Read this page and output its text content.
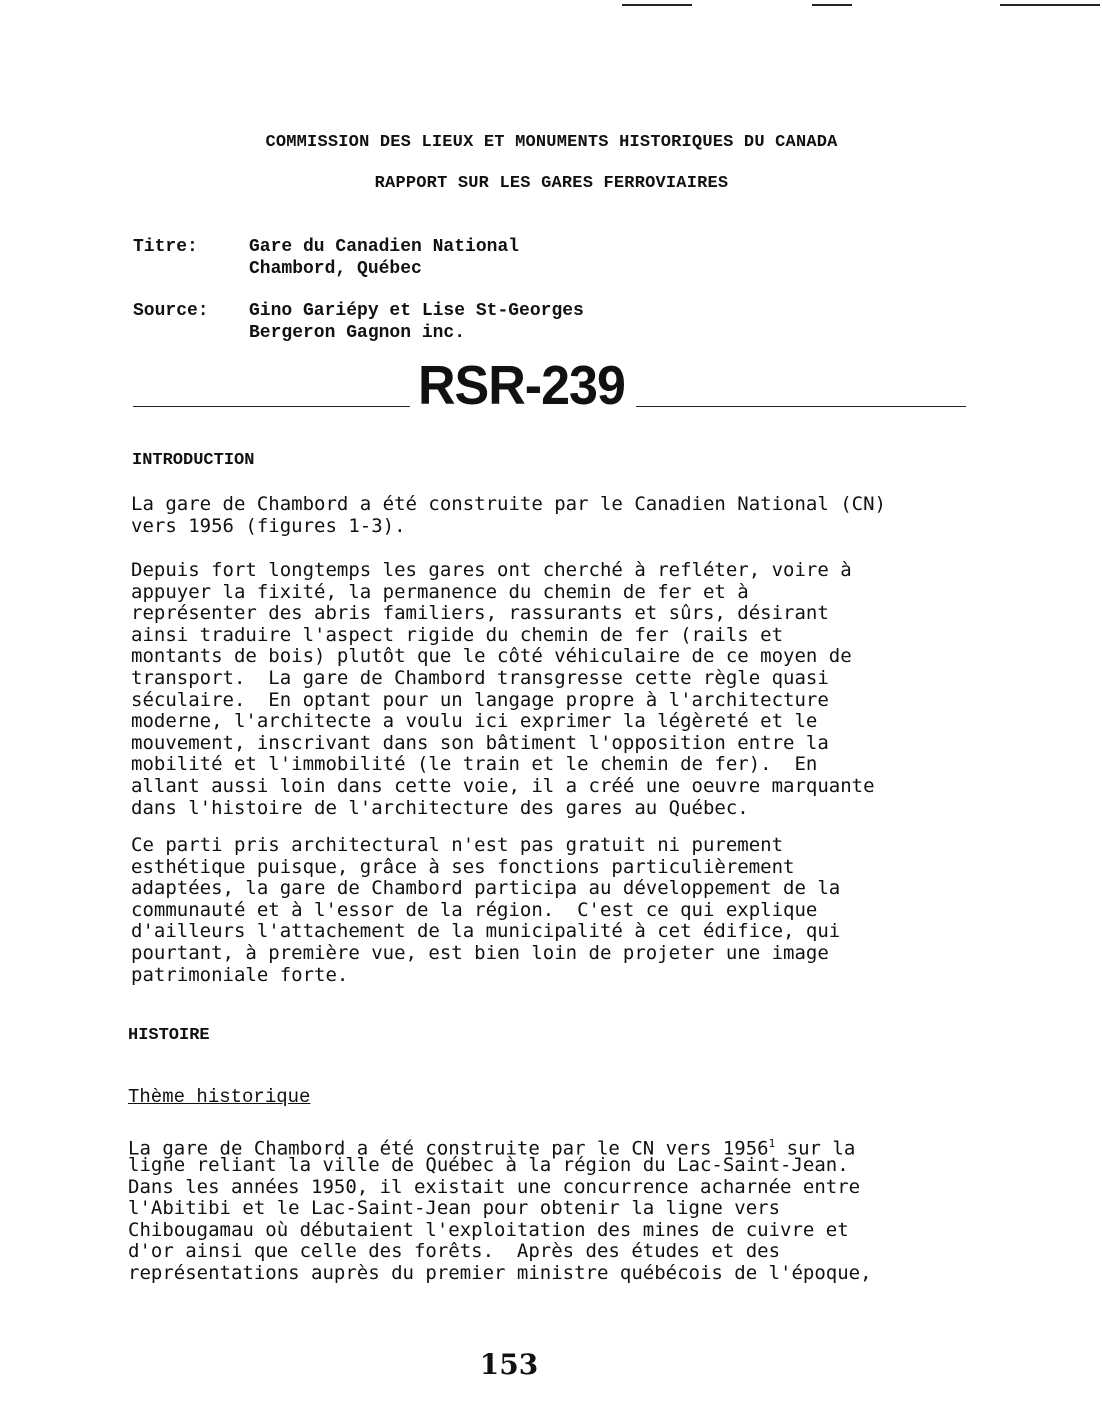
COMMISSION DES LIEUX ET MONUMENTS HISTORIQUES DU CANADA
RAPPORT SUR LES GARES FERROVIAIRES
Titre:	Gare du Canadien National
Chambord, Québec
Source: Gino Gariépy et Lise St-Georges
Bergeron Gagnon inc.
RSR-239
INTRODUCTION
La gare de Chambord a été construite par le Canadien National (CN)
vers 1956 (figures 1-3).
Depuis fort longtemps les gares ont cherché à refléter, voire à
appuyer la fixité, la permanence du chemin de fer et à
représenter des abris familiers, rassurants et sûrs, désirant
ainsi traduire l'aspect rigide du chemin de fer (rails et
montants de bois) plutôt que le côté véhiculaire de ce moyen de
transport.  La gare de Chambord transgresse cette règle quasi
séculaire.  En optant pour un langage propre à l'architecture
moderne, l'architecte a voulu ici exprimer la légèreté et le
mouvement, inscrivant dans son bâtiment l'opposition entre la
mobilité et l'immobilité (le train et le chemin de fer).  En
allant aussi loin dans cette voie, il a créé une oeuvre marquante
dans l'histoire de l'architecture des gares au Québec.
Ce parti pris architectural n'est pas gratuit ni purement
esthétique puisque, grâce à ses fonctions particulièrement
adaptées, la gare de Chambord participa au développement de la
communauté et à l'essor de la région.  C'est ce qui explique
d'ailleurs l'attachement de la municipalité à cet édifice, qui
pourtant, à première vue, est bien loin de projeter une image
patrimoniale forte.
HISTOIRE
Thème historique
La gare de Chambord a été construite par le CN vers 1956$^1$ sur la
ligne reliant la ville de Québec à la région du Lac-Saint-Jean.
Dans les années 1950, il existait une concurrence acharnée entre
l'Abitibi et le Lac-Saint-Jean pour obtenir la ligne vers
Chibougamau où débutaient l'exploitation des mines de cuivre et
d'or ainsi que celle des forêts.  Après des études et des
représentations auprès du premier ministre québécois de l'époque,
153
